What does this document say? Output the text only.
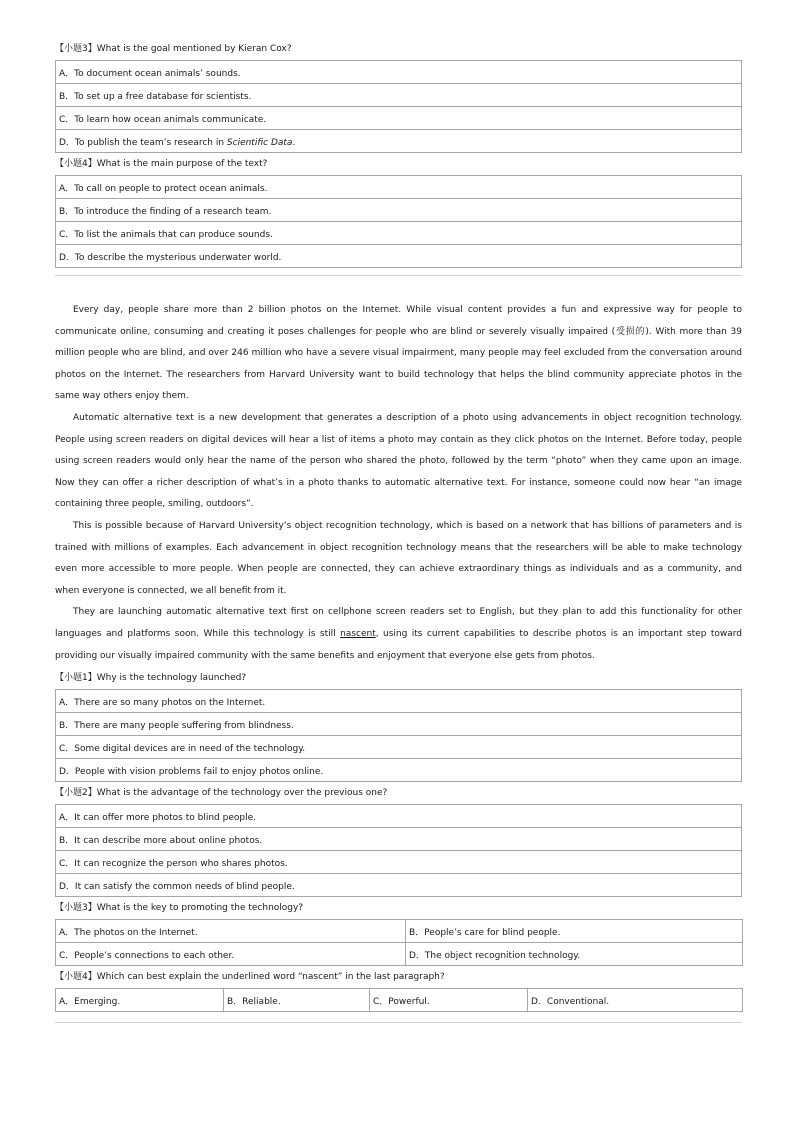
【小题3】What is the goal mentioned by Kieran Cox?
A．To document ocean animals’ sounds.
B．To set up a free database for scientists.
C．To learn how ocean animals communicate.
D．To publish the team’s research in Scientific Data.
【小题4】What is the main purpose of the text?
A．To call on people to protect ocean animals.
B．To introduce the finding of a research team.
C．To list the animals that can produce sounds.
D．To describe the mysterious underwater world.

Every day, people share more than 2 billion photos on the Internet. While visual content provides a fun and expressive way for people to communicate online, consuming and creating it poses challenges for people who are blind or severely visually impaired (受损的). With more than 39 million people who are blind, and over 246 million who have a severe visual impairment, many people may feel excluded from the conversation around photos on the Internet. The researchers from Harvard University want to build technology that helps the blind community appreciate photos in the same way others enjoy them.

Automatic alternative text is a new development that generates a description of a photo using advancements in object recognition technology. People using screen readers on digital devices will hear a list of items a photo may contain as they click photos on the Internet. Before today, people using screen readers would only hear the name of the person who shared the photo, followed by the term “photo” when they came upon an image. Now they can offer a richer description of what’s in a photo thanks to automatic alternative text. For instance, someone could now hear “an image containing three people, smiling, outdoors”.

This is possible because of Harvard University’s object recognition technology, which is based on a network that has billions of parameters and is trained with millions of examples. Each advancement in object recognition technology means that the researchers will be able to make technology even more accessible to more people. When people are connected, they can achieve extraordinary things as individuals and as a community, and when everyone is connected, we all benefit from it.

They are launching automatic alternative text first on cellphone screen readers set to English, but they plan to add this functionality for other languages and platforms soon. While this technology is still nascent, using its current capabilities to describe photos is an important step toward providing our visually impaired community with the same benefits and enjoyment that everyone else gets from photos.

【小题1】Why is the technology launched?
A．There are so many photos on the Internet.
B．There are many people suffering from blindness.
C．Some digital devices are in need of the technology.
D．People with vision problems fail to enjoy photos online.
【小题2】What is the advantage of the technology over the previous one?
A．It can offer more photos to blind people.
B．It can describe more about online photos.
C．It can recognize the person who shares photos.
D．It can satisfy the common needs of blind people.
【小题3】What is the key to promoting the technology?
A．The photos on the Internet.	B．People’s care for blind people.
C．People’s connections to each other.	D．The object recognition technology.
【小题4】Which can best explain the underlined word “nascent” in the last paragraph?
A．Emerging.	B．Reliable.	C．Powerful.	D．Conventional.
